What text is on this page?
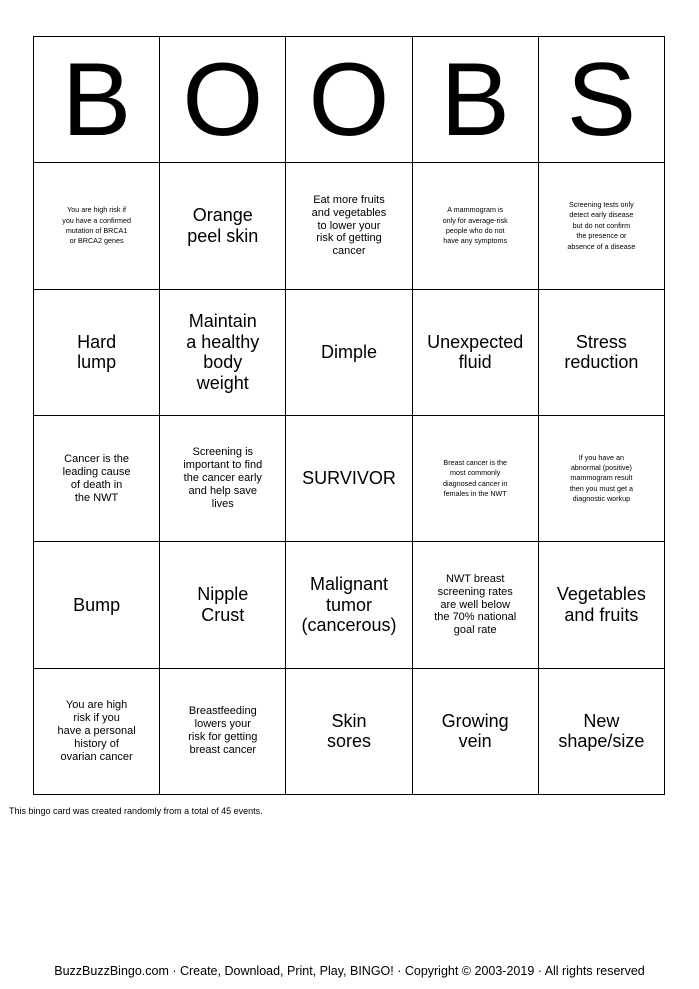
B O O B S
You are high risk if
you have a confirmed
mutation of BRCA1
or BRCA2 genes
Orange
peel skin
Eat more fruits
and vegetables
to lower your
risk of getting
cancer
A mammogram is
only for average-risk
people who do not
have any symptoms
Screening tests only
detect early disease
but do not confirm
the presence or
absence of a disease
Hard
lump
Maintain
a healthy
body
weight
Dimple
Unexpected
fluid
Stress
reduction
Cancer is the
leading cause
of death in
the NWT
Screening is
important to find
the cancer early
and help save
lives
SURVIVOR
Breast cancer is the
most commonly
diagnosed cancer in
females in the NWT
If you have an
abnormal (positive)
mammogram result
then you must get a
diagnostic workup
Bump
Nipple
Crust
Malignant
tumor
(cancerous)
NWT breast
screening rates
are well below
the 70% national
goal rate
Vegetables
and fruits
You are high
risk if you
have a personal
history of
ovarian cancer
Breastfeeding
lowers your
risk for getting
breast cancer
Skin
sores
Growing
vein
New
shape/size
This bingo card was created randomly from a total of 45 events.
BuzzBuzzBingo.com · Create, Download, Print, Play, BINGO! · Copyright © 2003-2019 · All rights reserved
